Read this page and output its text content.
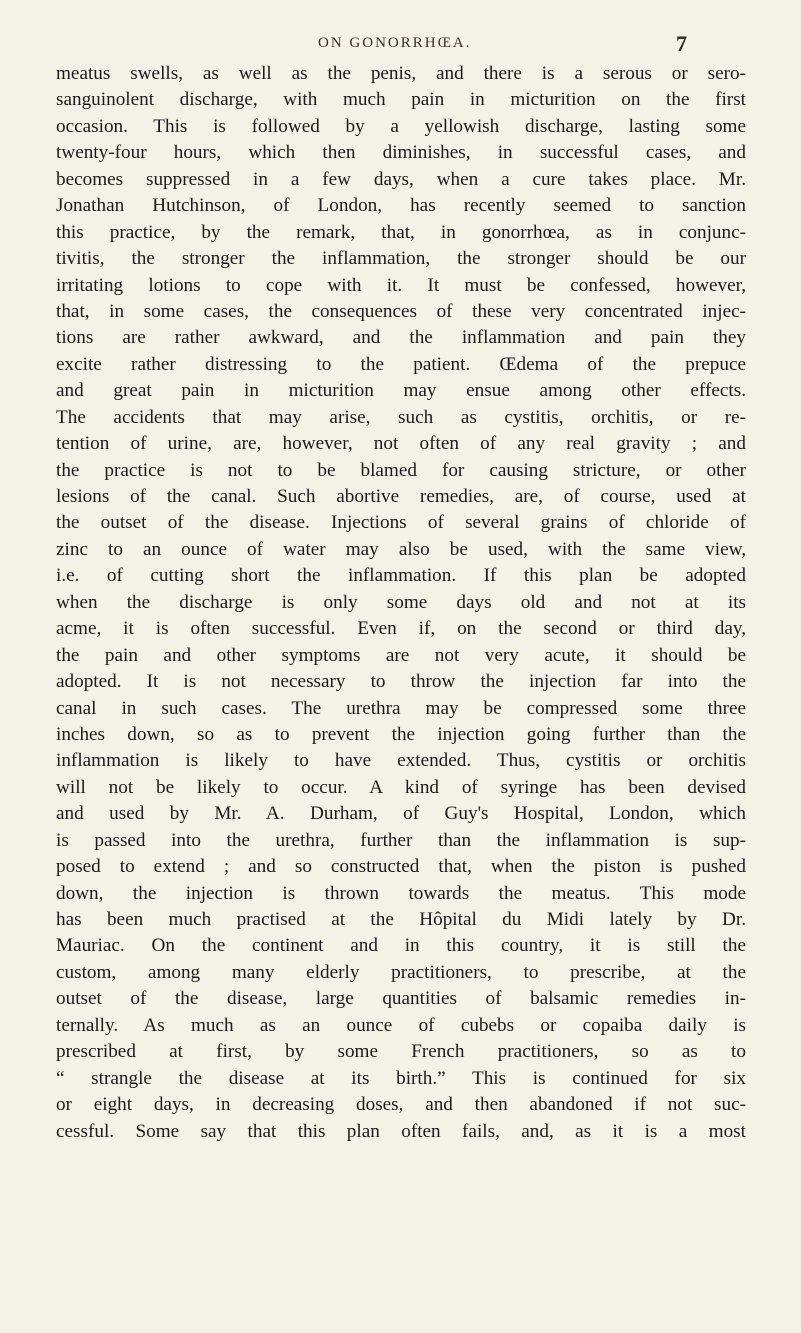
ON GONORRHŒA.	7
meatus swells, as well as the penis, and there is a serous or sero-
sanguinolent discharge, with much pain in micturition on the first
occasion. This is followed by a yellowish discharge, lasting some
twenty-four hours, which then diminishes, in successful cases, and
becomes suppressed in a few days, when a cure takes place. Mr.
Jonathan Hutchinson, of London, has recently seemed to sanction
this practice, by the remark, that, in gonorrhœa, as in conjunc-
tivitis, the stronger the inflammation, the stronger should be our
irritating lotions to cope with it. It must be confessed, however,
that, in some cases, the consequences of these very concentrated injec-
tions are rather awkward, and the inflammation and pain they
excite rather distressing to the patient. Œdema of the prepuce
and great pain in micturition may ensue among other effects.
The accidents that may arise, such as cystitis, orchitis, or re-
tention of urine, are, however, not often of any real gravity ; and
the practice is not to be blamed for causing stricture, or other
lesions of the canal. Such abortive remedies, are, of course, used at
the outset of the disease. Injections of several grains of chloride of
zinc to an ounce of water may also be used, with the same view,
i.e. of cutting short the inflammation. If this plan be adopted
when the discharge is only some days old and not at its
acme, it is often successful. Even if, on the second or third day,
the pain and other symptoms are not very acute, it should be
adopted. It is not necessary to throw the injection far into the
canal in such cases. The urethra may be compressed some three
inches down, so as to prevent the injection going further than the
inflammation is likely to have extended. Thus, cystitis or orchitis
will not be likely to occur. A kind of syringe has been devised
and used by Mr. A. Durham, of Guy's Hospital, London, which
is passed into the urethra, further than the inflammation is sup-
posed to extend ; and so constructed that, when the piston is pushed
down, the injection is thrown towards the meatus. This mode
has been much practised at the Hôpital du Midi lately by Dr.
Mauriac. On the continent and in this country, it is still the
custom, among many elderly practitioners, to prescribe, at the
outset of the disease, large quantities of balsamic remedies in-
ternally. As much as an ounce of cubebs or copaiba daily is
prescribed at first, by some French practitioners, so as to
“ strangle the disease at its birth.” This is continued for six
or eight days, in decreasing doses, and then abandoned if not suc-
cessful. Some say that this plan often fails, and, as it is a most
